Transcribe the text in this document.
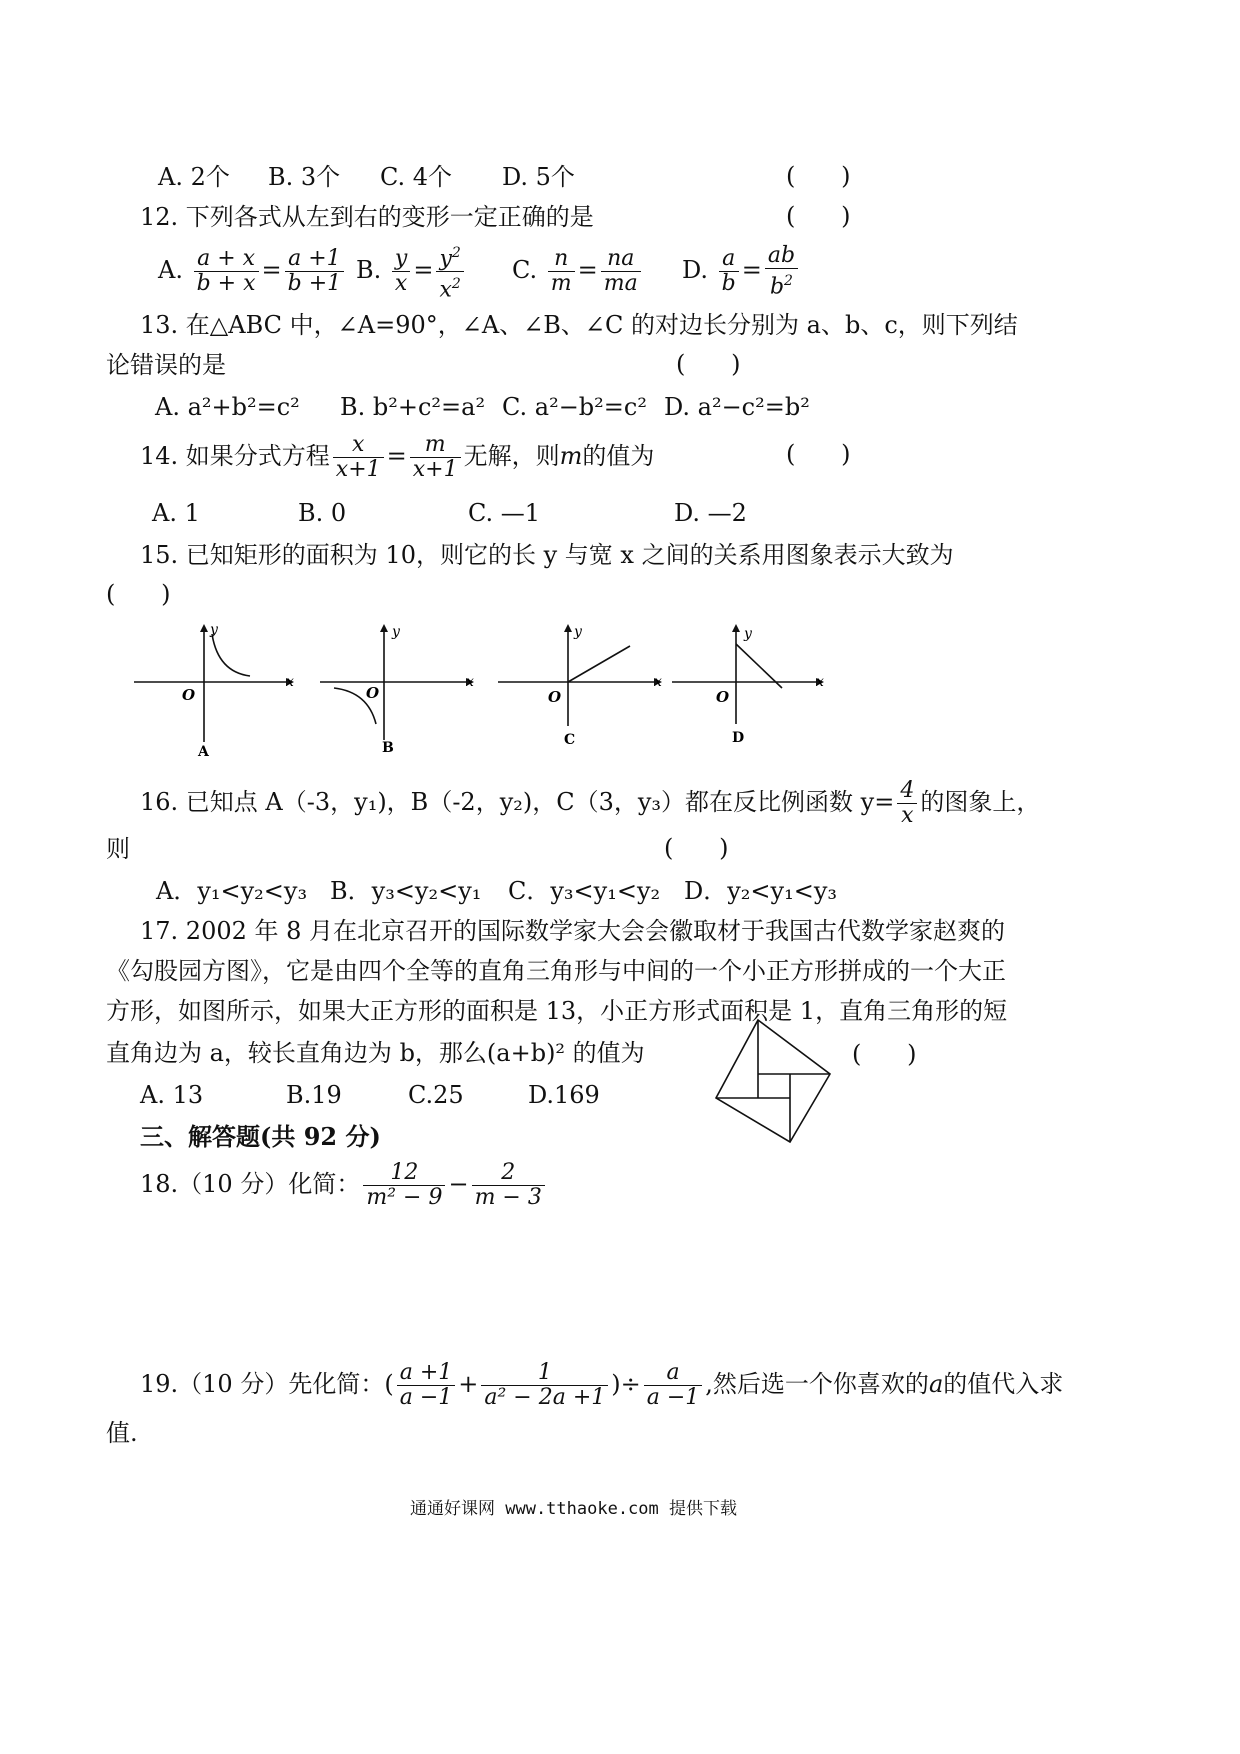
A. 2个 B. 3个 C. 4个 D. 5个	(      )
12. 下列各式从左到右的变形一定正确的是	(      )
A. $\frac{a + x}{b + x} = \frac{a +1}{b +1} B$. $\frac{y}{x} = \frac{y^2}{x^2} C$. $\frac{n}{m} = \frac{na}{ma} D$. $\frac{a}{b} = \frac{ab}{b^2}$
13. 在△ABC 中，∠A=90°，∠A、∠B、∠C 的对边长分别为 a、b、c，则下列结
论错误的是	(      )
A. a²+b²=c² B. b²+c²=a² C. a²−b²=c² D. a²−c²=b²
14. 如果分式方程 $\frac{x}{x+1} = \frac{m}{x+1}$ 无解，则m的值为	(      )
A. 1	B. 0	C. —1	D. —2
15. 已知矩形的面积为 10，则它的长 y 与宽 x 之间的关系用图象表示大致为
(      )
O
x
y
A
O
x
y
B
O
x
y
C
O
x
y
D
16. 已知点 A（-3，y₁)，B（-2，y₂)，C（3，y₃）都在反比例函数 $y= \frac{4}{x}$ 的图象上，
则	(      )
A．y₁<y₂<y₃ B．y₃<y₂<y₁ C．y₃<y₁<y₂ D．y₂<y₁<y₃
17. 2002 年 8 月在北京召开的国际数学家大会会徽取材于我国古代数学家赵爽的
《勾股园方图》，它是由四个全等的直角三角形与中间的一个小正方形拼成的一个大正
方形，如图所示，如果大正方形的面积是 13，小正方形式面积是 1，直角三角形的短
直角边为 a，较长直角边为 b，那么(a+b)² 的值为	(      )
A. 13	B.19	C.25	D.169
三、解答题(共 92 分)
18.（10 分）化简： $\frac{12}{\text{m² − 9}} - \frac{2}{m - 3}$
19.（10 分）先化简：( $\frac{a +1}{a -1} + \frac{1}{\text{a² − 2a +1}}$ )÷ $\frac{a}{a -1}$ ,然后选一个你喜欢的a的值代入求
值.
通通好课网 www.tthaoke.com 提供下载
